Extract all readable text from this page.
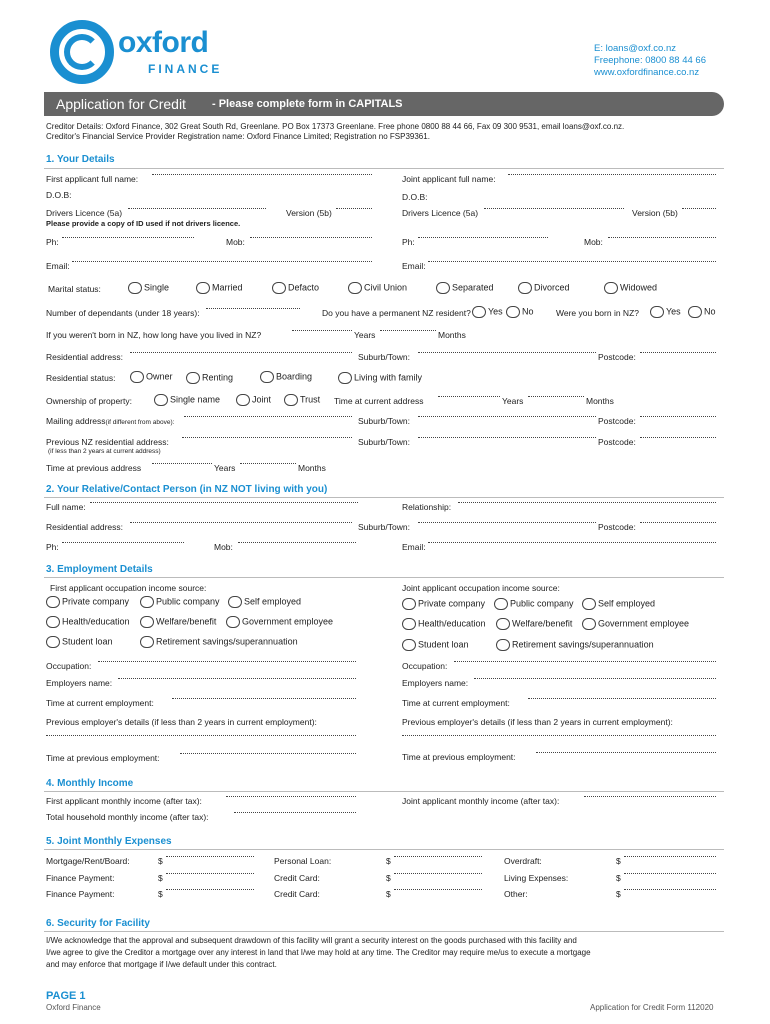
oxford
FINANCE
E: loans@oxf.co.nz
Freephone: 0800 88 44 66
www.oxfordfinance.co.nz
Application for Credit - Please complete form in CAPITALS
Creditor Details: Oxford Finance, 302 Great South Rd, Greenlane. PO Box 17373 Greenlane. Free phone 0800 88 44 66, Fax 09 300 9531, email loans@oxf.co.nz.
Creditor's Financial Service Provider Registration name: Oxford Finance Limited; Registration no FSP39361.
1. Your Details
First applicant full name:	Joint applicant full name:
D.O.B:	D.O.B:
Drivers Licence (5a)	Version (5b)	Drivers Licence (5a)	Version (5b)
Please provide a copy of ID used if not drivers licence.
Ph:	Mob:	Ph:	Mob:
Email:	Email:
Marital status:	Single	Married	Defacto	Civil Union	Separated	Divorced	Widowed
Number of dependants (under 18 years):	Do you have a permanent NZ resident?	Yes	No	Were you born in NZ?	Yes	No
If you weren't born in NZ, how long have you lived in NZ?	Years	Months
Residential address:	Suburb/Town:	Postcode:
Residential status:	Owner	Renting	Boarding	Living with family
Ownership of property:	Single name	Joint	Trust Time at current address	Years	Months
Mailing address(if different from above):	Suburb/Town:	Postcode:
Previous NZ residential address:	Suburb/Town:	Postcode:
(if less than 2 years at current address)
Time at previous address	Years	Months
2. Your Relative/Contact Person (in NZ NOT living with you)
Full name:	Relationship:
Residential address:	Suburb/Town:	Postcode:
Ph:	Mob:	Email:
3. Employment Details
First applicant occupation income source:	Joint applicant occupation income source:
Private company	Public company	Self employed	Private company	Public company	Self employed
Health/education	Welfare/benefit	Government employee	Health/education	Welfare/benefit	Government employee
Student loan	Retirement savings/superannuation	Student loan	Retirement savings/superannuation
Occupation:	Occupation:
Employers name:	Employers name:
Time at current employment:	Time at current employment:
Previous employer's details (if less than 2 years in current employment):	Previous employer's details (if less than 2 years in current employment):
Time at previous employment:	Time at previous employment:
4. Monthly Income
First applicant monthly income (after tax):	Joint applicant monthly income (after tax):
Total household monthly income (after tax):
5. Joint Monthly Expenses
Mortgage/Rent/Board:	$	Personal Loan:	$	Overdraft:	$
Finance Payment:	$	Credit Card:	$	Living Expenses:	$
Finance Payment:	$	Credit Card:	$	Other:	$
6. Security for Facility
I/We acknowledge that the approval and subsequent drawdown of this facility will grant a security interest on the goods purchased with this facility and
I/we agree to give the Creditor a mortgage over any interest in land that I/we may hold at any time. The Creditor may require me/us to execute a mortgage
and may enforce that mortgage if I/we default under this contract.
PAGE 1
Oxford Finance	Application for Credit Form 112020
